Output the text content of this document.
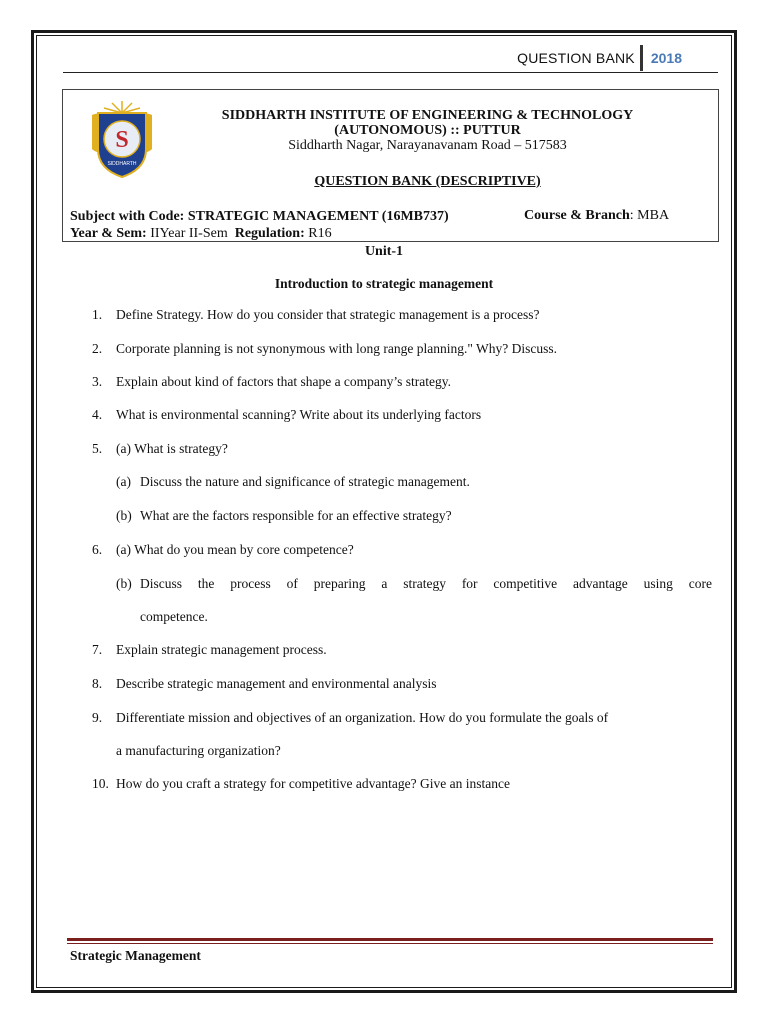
QUESTION BANK	2018
S
SIDDHARTH
SIDDHARTH INSTITUTE OF ENGINEERING & TECHNOLOGY
(AUTONOMOUS) :: PUTTUR
Siddharth Nagar, Narayanavanam Road – 517583
QUESTION BANK (DESCRIPTIVE)
Subject with Code: STRATEGIC MANAGEMENT (16MB737)
Year & Sem: IIYear II-Sem Regulation: R16
Course & Branch: MBA
Unit-1
Introduction to strategic management
1. Define Strategy. How do you consider that strategic management is a process?
2. Corporate planning is not synonymous with long range planning." Why? Discuss.
3. Explain about kind of factors that shape a company’s strategy.
4. What is environmental scanning? Write about its underlying factors
5. (a) What is strategy?
(a) Discuss the nature and significance of strategic management.
(b) What are the factors responsible for an effective strategy?
6. (a) What do you mean by core competence?
(b) Discuss the process of preparing a strategy for competitive advantage using core
competence.
7. Explain strategic management process.
8. Describe strategic management and environmental analysis
9. Differentiate mission and objectives of an organization. How do you formulate the goals of
a manufacturing organization?
10. How do you craft a strategy for competitive advantage? Give an instance
Strategic Management
